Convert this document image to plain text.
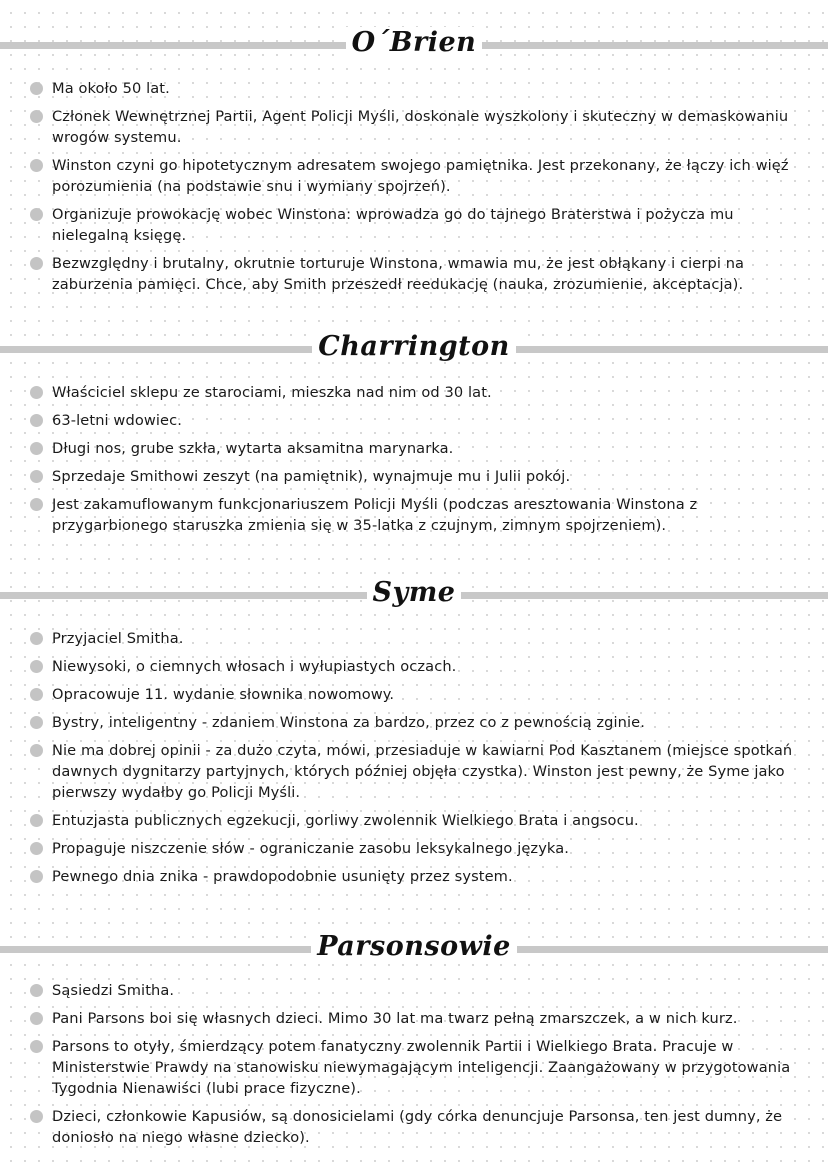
O´Brien
Ma około 50 lat.
Członek Wewnętrznej Partii, Agent Policji Myśli, doskonale wyszkolony i skuteczny w demaskowaniu wrogów systemu.
Winston czyni go hipotetycznym adresatem swojego pamiętnika. Jest przekonany, że łączy ich więź porozumienia (na podstawie snu i wymiany spojrzeń).
Organizuje prowokację wobec Winstona: wprowadza go do tajnego Braterstwa i pożycza mu nielegalną księgę.
Bezwzględny i brutalny, okrutnie torturuje Winstona, wmawia mu, że jest obłąkany i cierpi na zaburzenia pamięci. Chce, aby Smith przeszedł reedukację (nauka, zrozumienie, akceptacja).
Charrington
Właściciel sklepu ze starociami, mieszka nad nim od 30 lat.
63-letni wdowiec.
Długi nos, grube szkła, wytarta aksamitna marynarka.
Sprzedaje Smithowi zeszyt (na pamiętnik), wynajmuje mu i Julii pokój.
Jest zakamuflowanym funkcjonariuszem Policji Myśli (podczas aresztowania Winstona z przygarbionego staruszka zmienia się w 35-latka z czujnym, zimnym spojrzeniem).
Syme
Przyjaciel Smitha.
Niewysoki, o ciemnych włosach i wyłupiastych oczach.
Opracowuje 11. wydanie słownika nowomowy.
Bystry, inteligentny - zdaniem Winstona za bardzo, przez co z pewnością zginie.
Nie ma dobrej opinii - za dużo czyta, mówi, przesiaduje w kawiarni Pod Kasztanem (miejsce spotkań dawnych dygnitarzy partyjnych, których później objęła czystka). Winston jest pewny, że Syme jako pierwszy wydałby go Policji Myśli.
Entuzjasta publicznych egzekucji, gorliwy zwolennik Wielkiego Brata i angsocu.
Propaguje niszczenie słów - ograniczanie zasobu leksykalnego języka.
Pewnego dnia znika - prawdopodobnie usunięty przez system.
Parsonsowie
Sąsiedzi Smitha.
Pani Parsons boi się własnych dzieci. Mimo 30 lat ma twarz pełną zmarszczek, a w nich kurz.
Parsons to otyły, śmierdzący potem fanatyczny zwolennik Partii i Wielkiego Brata. Pracuje w Ministerstwie Prawdy na stanowisku niewymagającym inteligencji. Zaangażowany w przygotowania Tygodnia Nienawiści (lubi prace fizyczne).
Dzieci, członkowie Kapusiów, są donosicielami (gdy córka denuncjuje Parsonsa, ten jest dumny, że doniosło na niego własne dziecko).
